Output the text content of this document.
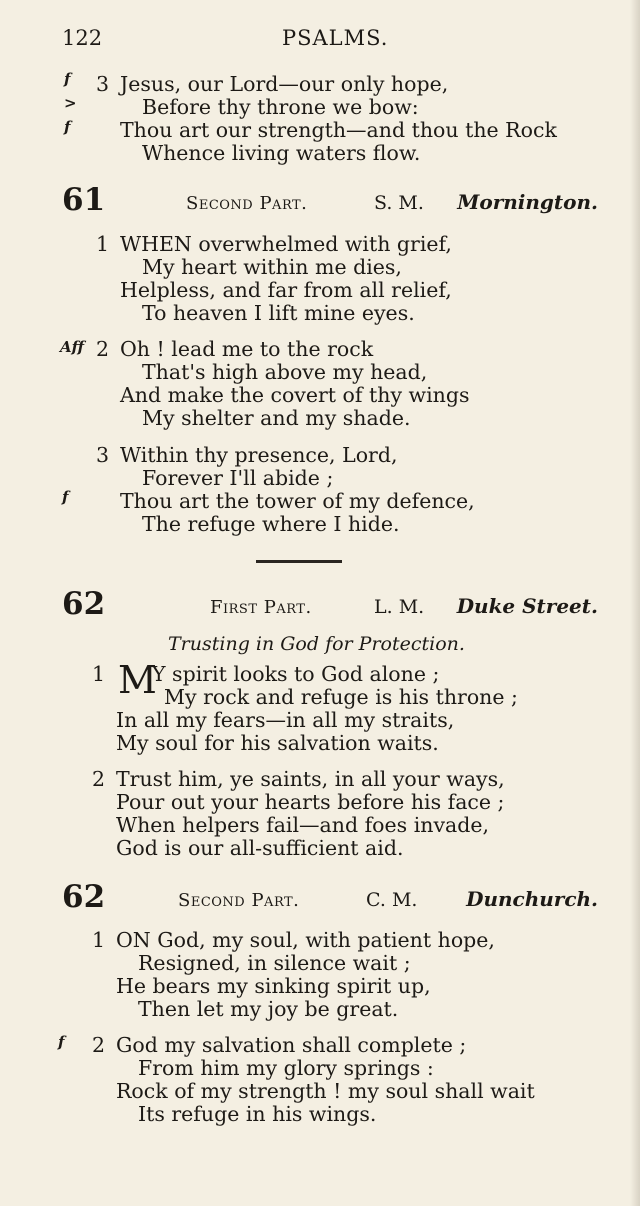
122	PSALMS.
f
>
f
3 Jesus, our Lord—our only hope,
Before thy throne we bow:
Thou art our strength—and thou the Rock
Whence living waters flow.
61	Second Part.	S. M. Mornington.
1 WHEN overwhelmed with grief,
My heart within me dies,
Helpless, and far from all relief,
To heaven I lift mine eyes.
Aff 2 Oh ! lead me to the rock
That's high above my head,
And make the covert of thy wings
My shelter and my shade.
3 Within thy presence, Lord,
Forever I'll abide ;
f	Thou art the tower of my defence,
The refuge where I hide.
62	First Part.	L. M. Duke Street.
Trusting in God for Protection.
1 M
Y spirit looks to God alone ;
My rock and refuge is his throne ;
In all my fears—in all my straits,
My soul for his salvation waits.
2 Trust him, ye saints, in all your ways,
Pour out your hearts before his face ;
When helpers fail—and foes invade,
God is our all-sufficient aid.
62	Second Part.	C. M. Dunchurch.
1 ON God, my soul, with patient hope,
Resigned, in silence wait ;
He bears my sinking spirit up,
Then let my joy be great.
f 2 God my salvation shall complete ;
From him my glory springs :
Rock of my strength ! my soul shall wait
Its refuge in his wings.
